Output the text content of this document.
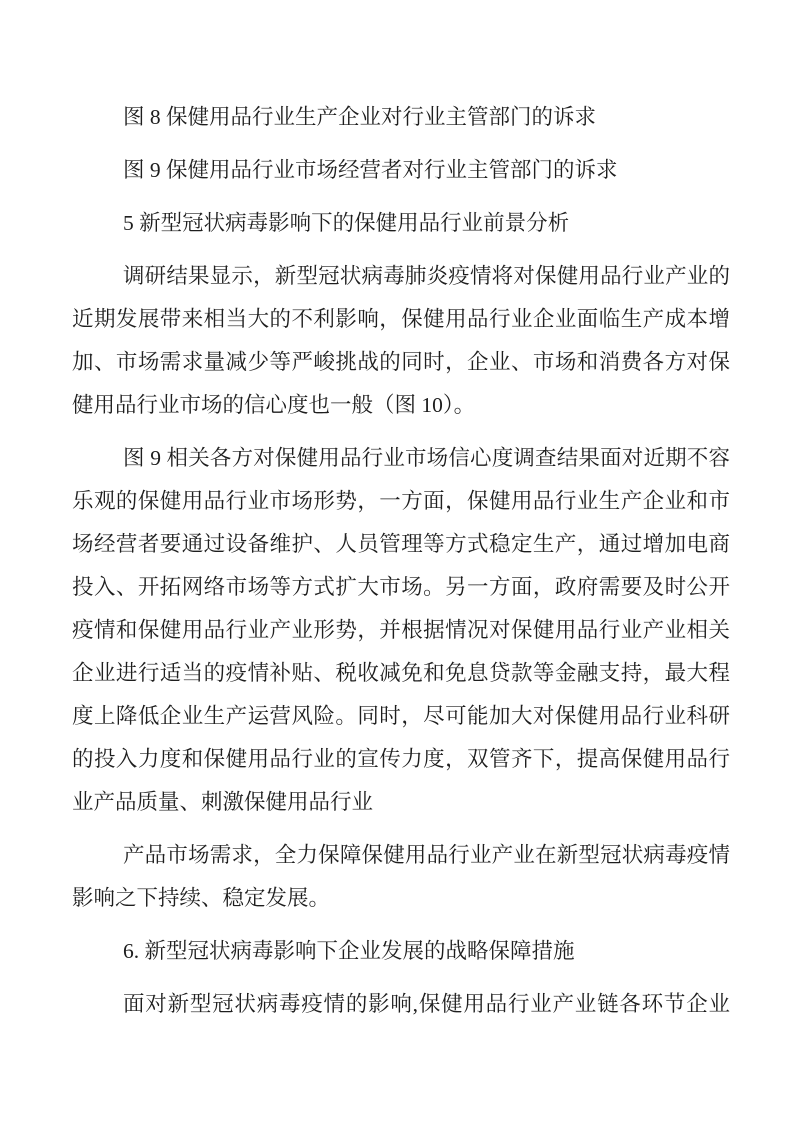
图 8 保健用品行业生产企业对行业主管部门的诉求
图 9 保健用品行业市场经营者对行业主管部门的诉求
5 新型冠状病毒影响下的保健用品行业前景分析
调研结果显示，新型冠状病毒肺炎疫情将对保健用品行业产业的
近期发展带来相当大的不利影响，保健用品行业企业面临生产成本增
加、市场需求量减少等严峻挑战的同时，企业、市场和消费各方对保
健用品行业市场的信心度也一般（图 10）。
图 9 相关各方对保健用品行业市场信心度调查结果面对近期不容
乐观的保健用品行业市场形势，一方面，保健用品行业生产企业和市
场经营者要通过设备维护、人员管理等方式稳定生产，通过增加电商
投入、开拓网络市场等方式扩大市场。另一方面，政府需要及时公开
疫情和保健用品行业产业形势，并根据情况对保健用品行业产业相关
企业进行适当的疫情补贴、税收减免和免息贷款等金融支持，最大程
度上降低企业生产运营风险。同时，尽可能加大对保健用品行业科研
的投入力度和保健用品行业的宣传力度，双管齐下，提高保健用品行
业产品质量、刺激保健用品行业
产品市场需求，全力保障保健用品行业产业在新型冠状病毒疫情
影响之下持续、稳定发展。
6. 新型冠状病毒影响下企业发展的战略保障措施
面对新型冠状病毒疫情的影响,保健用品行业产业链各环节企业
